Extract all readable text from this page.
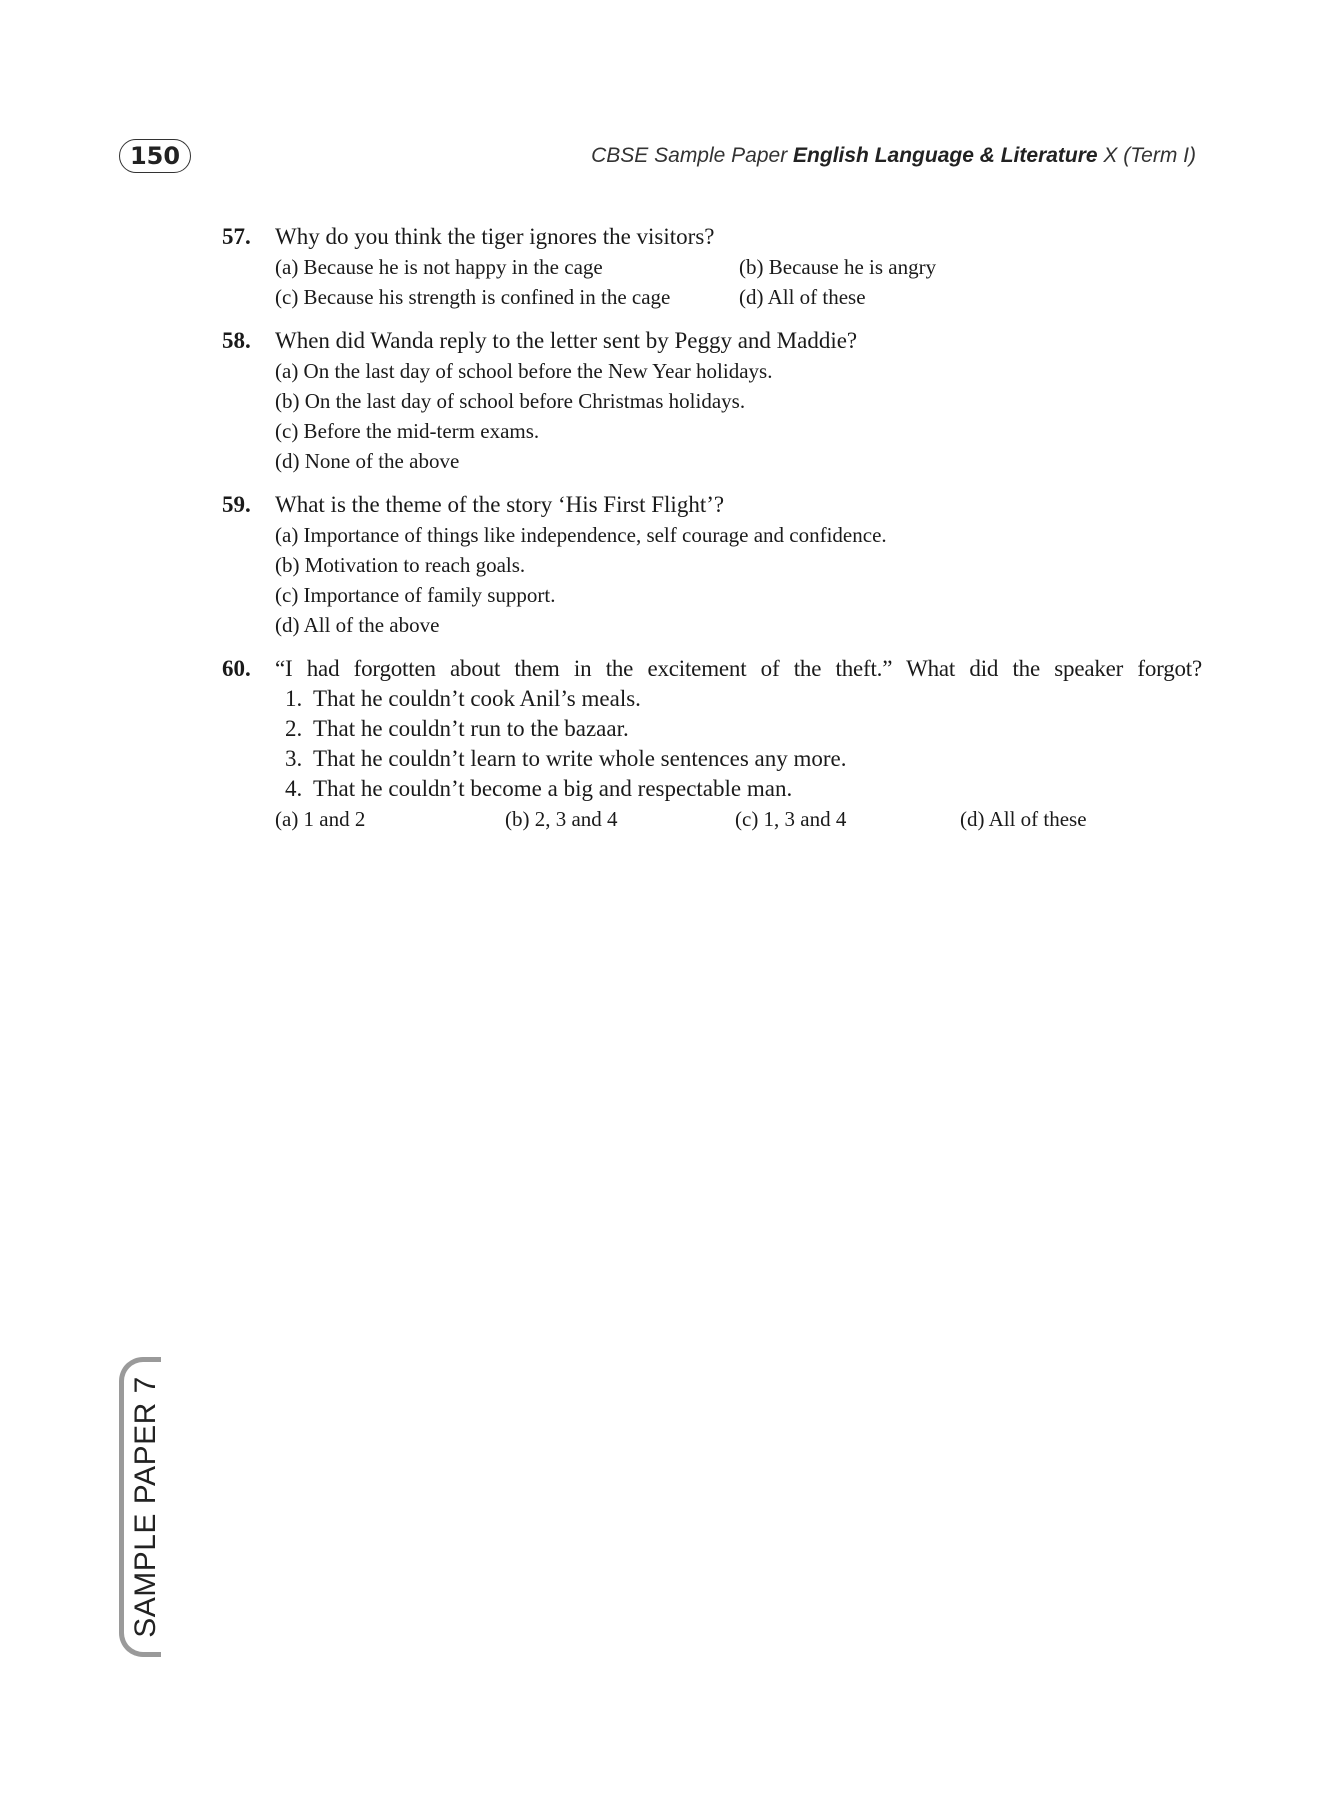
150	CBSE Sample Paper English Language & Literature X (Term I)
57.	Why do you think the tiger ignores the visitors?
(a) Because he is not happy in the cage	(b) Because he is angry
(c) Because his strength is confined in the cage	(d) All of these
58.	When did Wanda reply to the letter sent by Peggy and Maddie?
(a) On the last day of school before the New Year holidays.
(b) On the last day of school before Christmas holidays.
(c) Before the mid-term exams.
(d) None of the above
59.	What is the theme of the story ‘His First Flight’?
(a) Importance of things like independence, self courage and confidence.
(b) Motivation to reach goals.
(c) Importance of family support.
(d) All of the above
60.	“I had forgotten about them in the excitement of the theft.” What did the speaker forgot?
1. That he couldn’t cook Anil’s meals.
2. That he couldn’t run to the bazaar.
3. That he couldn’t learn to write whole sentences any more.
4. That he couldn’t become a big and respectable man.
(a) 1 and 2	(b) 2, 3 and 4	(c) 1, 3 and 4	(d) All of these
SAMPLE PAPER 7
